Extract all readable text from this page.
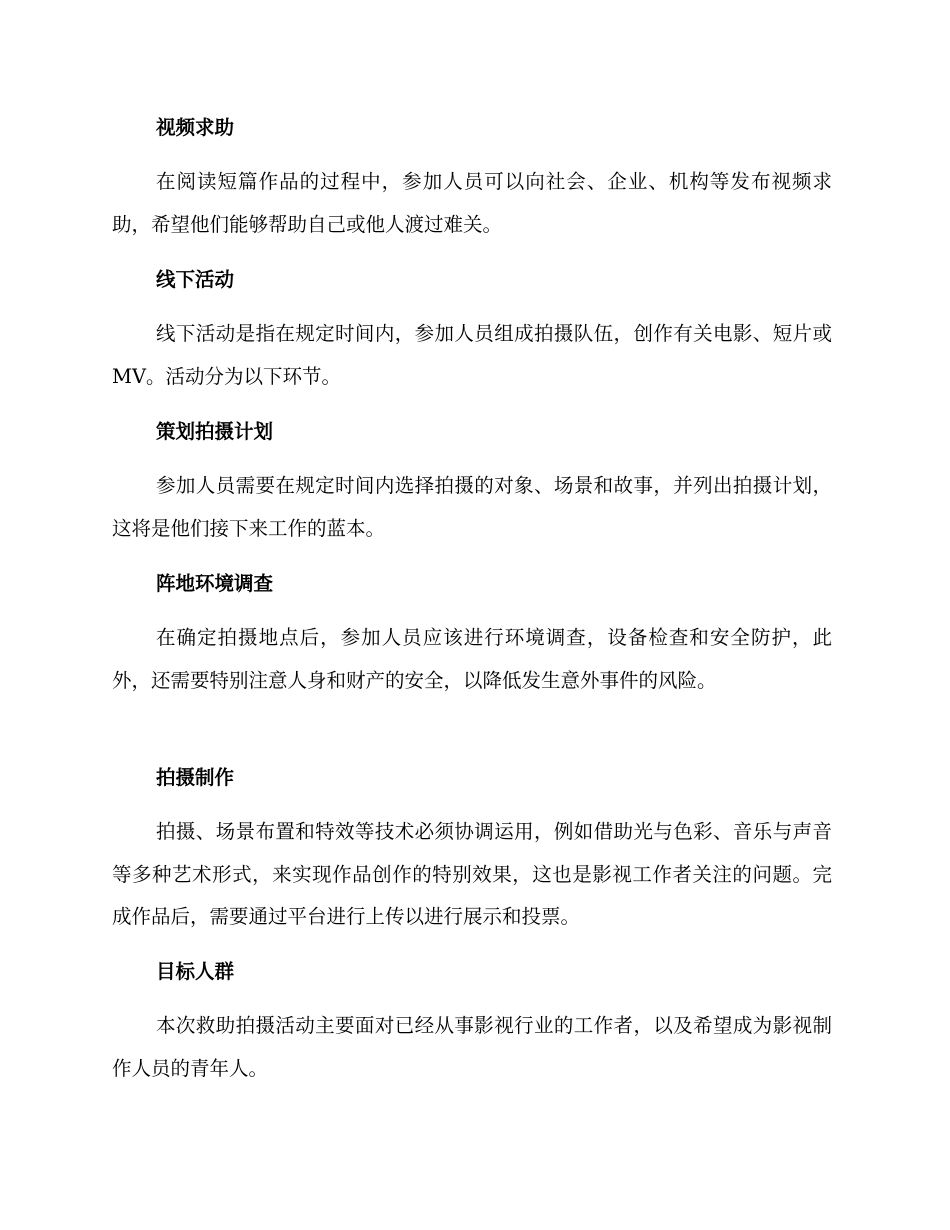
视频求助
在阅读短篇作品的过程中，参加人员可以向社会、企业、机构等发布视频求助，希望他们能够帮助自己或他人渡过难关。
线下活动
线下活动是指在规定时间内，参加人员组成拍摄队伍，创作有关电影、短片或MV。活动分为以下环节。
策划拍摄计划
参加人员需要在规定时间内选择拍摄的对象、场景和故事，并列出拍摄计划，这将是他们接下来工作的蓝本。
阵地环境调查
在确定拍摄地点后，参加人员应该进行环境调查，设备检查和安全防护，此外，还需要特别注意人身和财产的安全，以降低发生意外事件的风险。
拍摄制作
拍摄、场景布置和特效等技术必须协调运用，例如借助光与色彩、音乐与声音等多种艺术形式，来实现作品创作的特别效果，这也是影视工作者关注的问题。完成作品后，需要通过平台进行上传以进行展示和投票。
目标人群
本次救助拍摄活动主要面对已经从事影视行业的工作者，以及希望成为影视制作人员的青年人。
